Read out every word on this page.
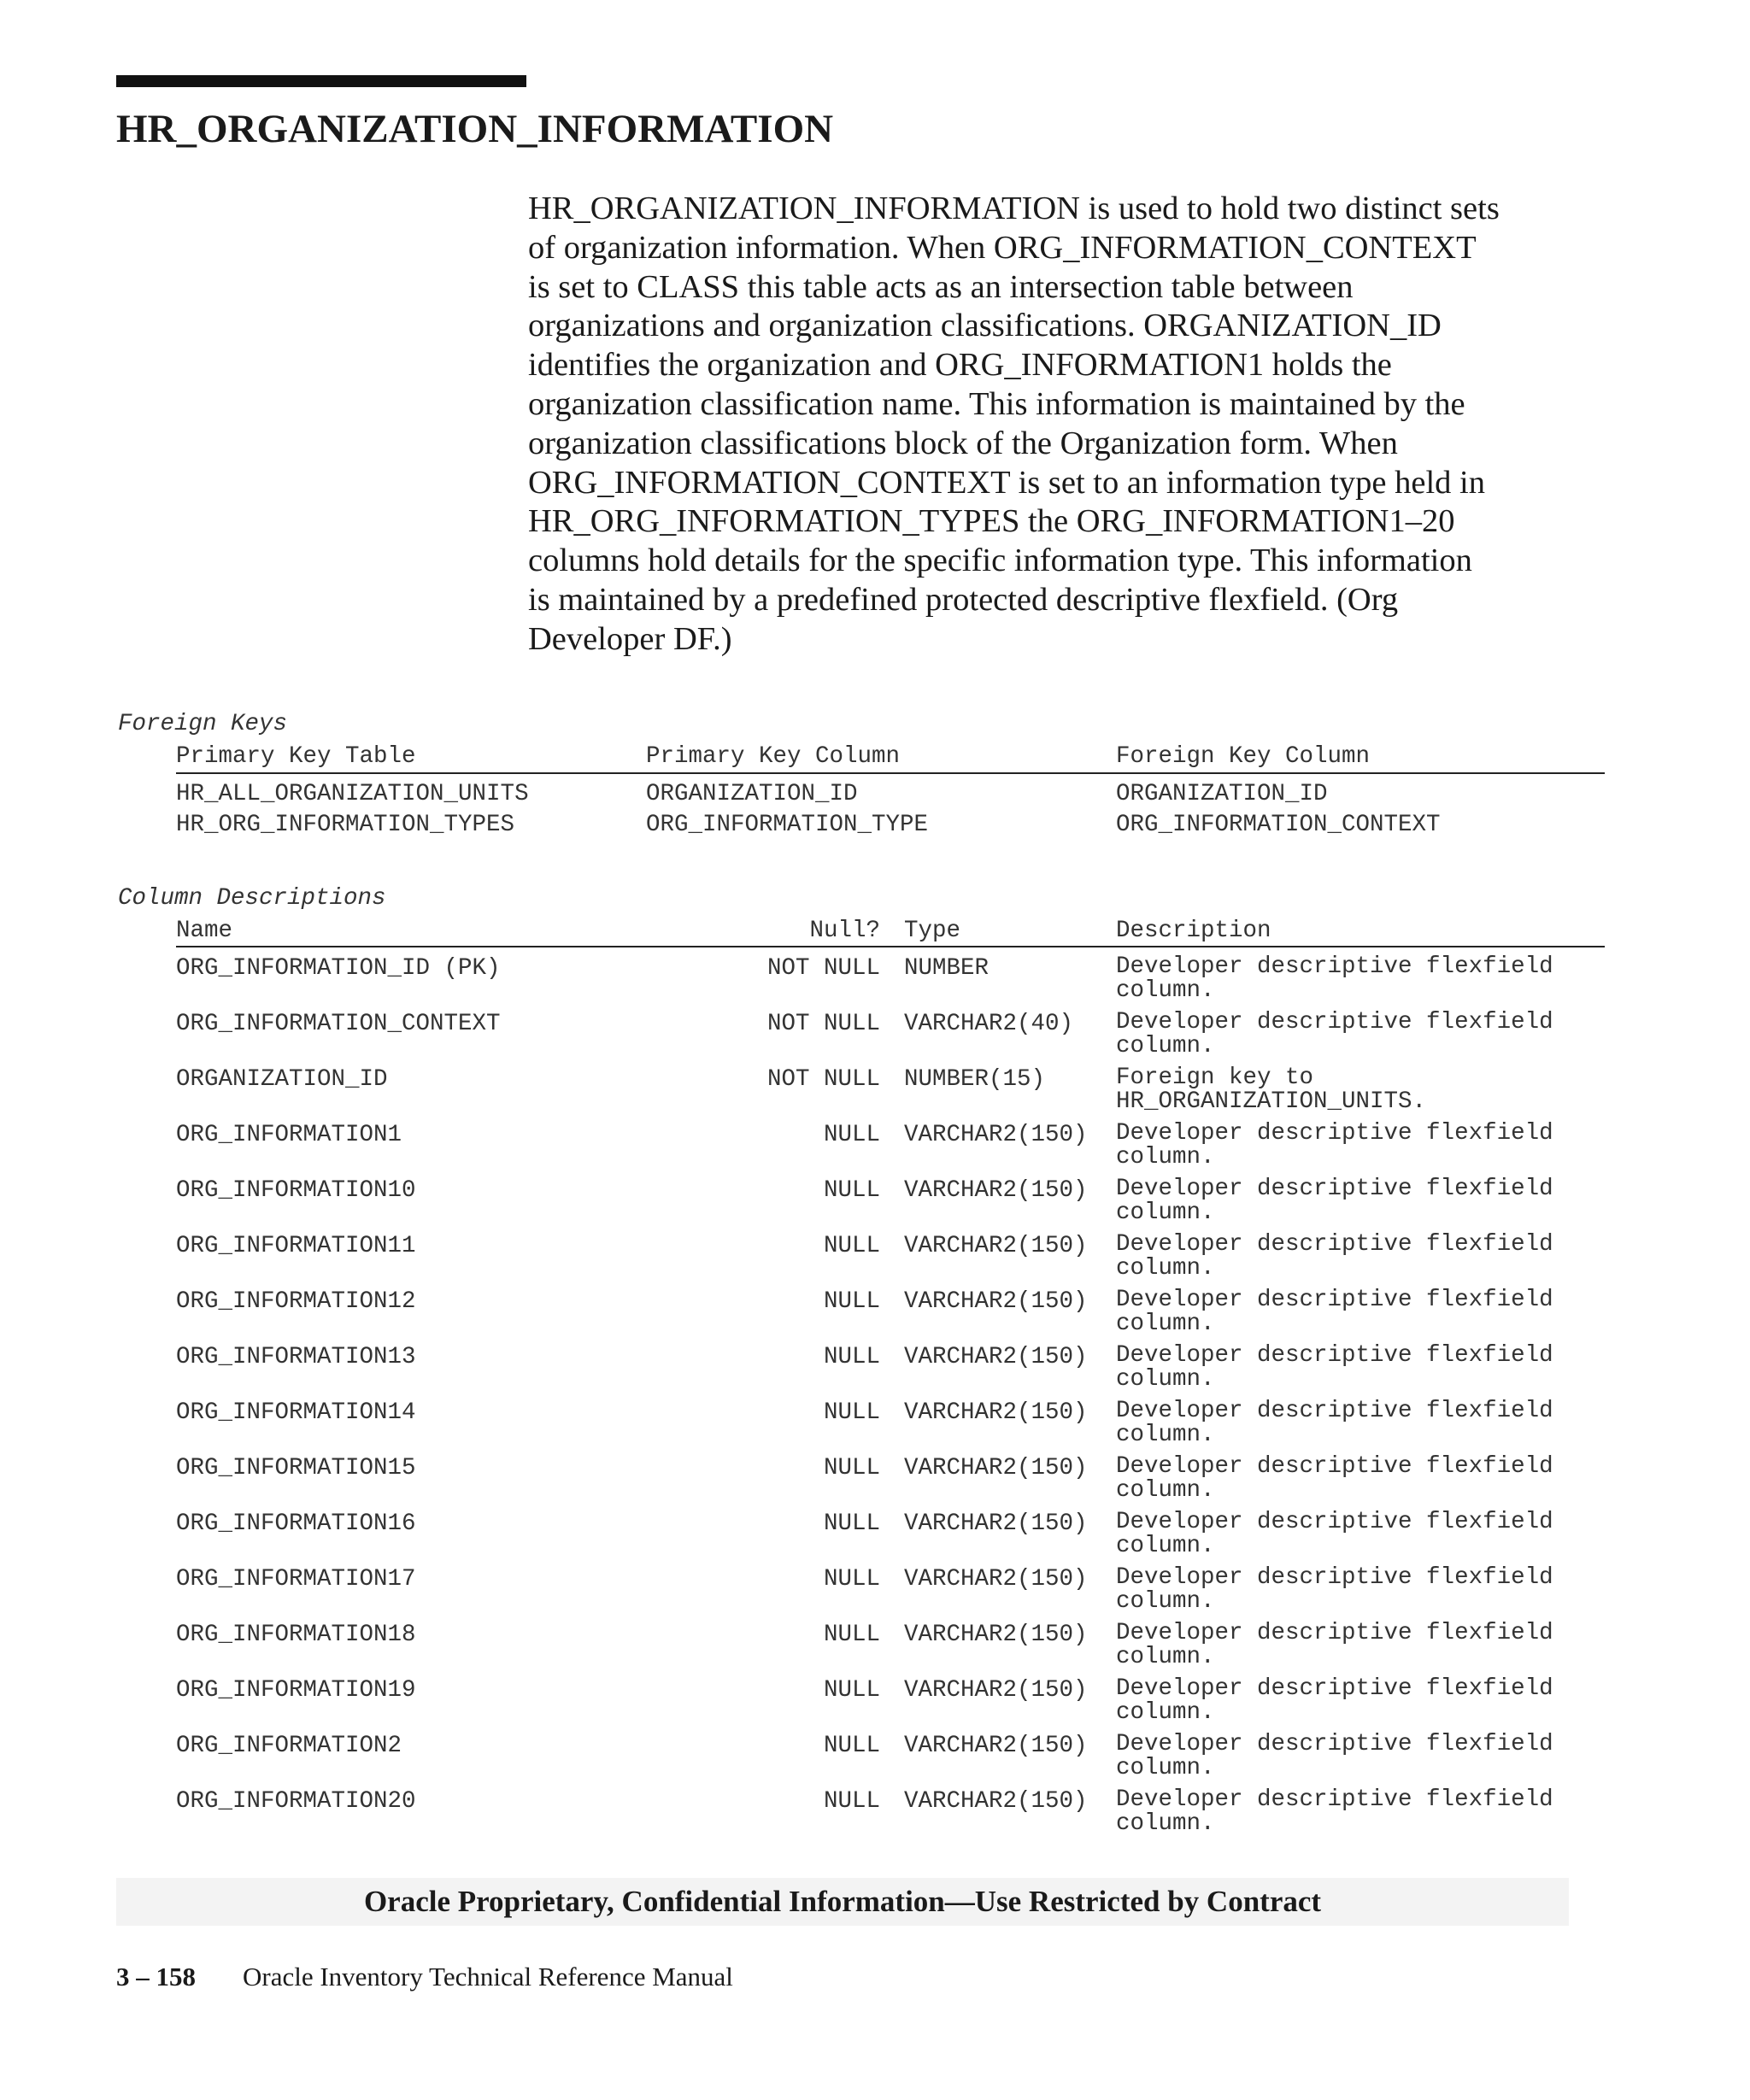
HR_ORGANIZATION_INFORMATION

HR_ORGANIZATION_INFORMATION is used to hold two distinct sets
of organization information. When ORG_INFORMATION_CONTEXT
is set to CLASS this table acts as an intersection table between
organizations and organization classifications. ORGANIZATION_ID
identifies the organization and ORG_INFORMATION1 holds the
organization classification name. This information is maintained by the
organization classifications block of the Organization form. When
ORG_INFORMATION_CONTEXT is set to an information type held in
HR_ORG_INFORMATION_TYPES the ORG_INFORMATION1–20
columns hold details for the specific information type. This information
is maintained by a predefined protected descriptive flexfield. (Org
Developer DF.)

Foreign Keys
Primary Key Table	Primary Key Column	Foreign Key Column
HR_ALL_ORGANIZATION_UNITS	ORGANIZATION_ID	ORGANIZATION_ID
HR_ORG_INFORMATION_TYPES	ORG_INFORMATION_TYPE	ORG_INFORMATION_CONTEXT
Column Descriptions
Name	Null? Type	Description
ORG_INFORMATION_ID (PK)	NOT NULL NUMBER	Developer descriptive flexfield
column.
ORG_INFORMATION_CONTEXT	NOT NULL VARCHAR2(40) Developer descriptive flexfield
column.
ORGANIZATION_ID	NOT NULL NUMBER(15)	Foreign key to
HR_ORGANIZATION_UNITS.
ORG_INFORMATION1	NULL VARCHAR2(150) Developer descriptive flexfield
column.
ORG_INFORMATION10	NULL VARCHAR2(150) Developer descriptive flexfield
column.
ORG_INFORMATION11	NULL VARCHAR2(150) Developer descriptive flexfield
column.
ORG_INFORMATION12	NULL VARCHAR2(150) Developer descriptive flexfield
column.
ORG_INFORMATION13	NULL VARCHAR2(150) Developer descriptive flexfield
column.
ORG_INFORMATION14	NULL VARCHAR2(150) Developer descriptive flexfield
column.
ORG_INFORMATION15	NULL VARCHAR2(150) Developer descriptive flexfield
column.
ORG_INFORMATION16	NULL VARCHAR2(150) Developer descriptive flexfield
column.
ORG_INFORMATION17	NULL VARCHAR2(150) Developer descriptive flexfield
column.
ORG_INFORMATION18	NULL VARCHAR2(150) Developer descriptive flexfield
column.
ORG_INFORMATION19	NULL VARCHAR2(150) Developer descriptive flexfield
column.
ORG_INFORMATION2	NULL VARCHAR2(150) Developer descriptive flexfield
column.
ORG_INFORMATION20	NULL VARCHAR2(150) Developer descriptive flexfield
column.
Oracle Proprietary, Confidential Information––Use Restricted by Contract
3 – 158 Oracle Inventory Technical Reference Manual
